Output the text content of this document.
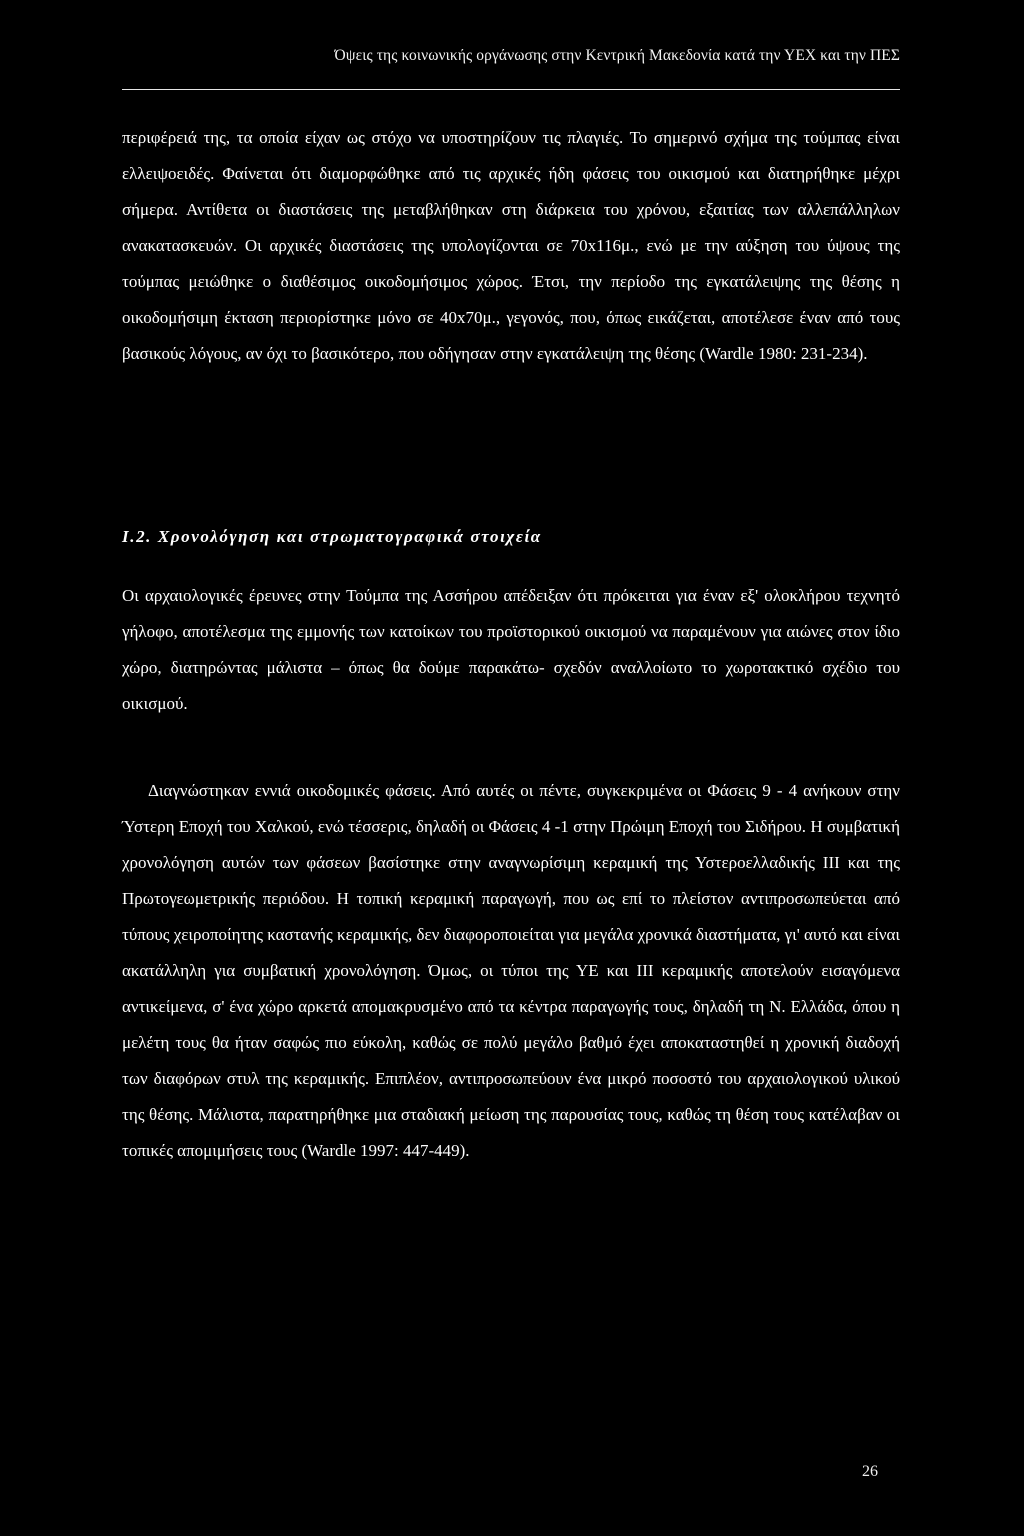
Όψεις της κοινωνικής οργάνωσης στην Κεντρική Μακεδονία κατά την ΥΕΧ και την ΠΕΣ

περιφέρειά της, τα οποία είχαν ως στόχο να υποστηρίζουν τις πλαγιές. Το σημερινό σχήμα της τούμπας είναι ελλειψοειδές. Φαίνεται ότι διαμορφώθηκε από τις αρχικές ήδη φάσεις του οικισμού και διατηρήθηκε μέχρι σήμερα. Αντίθετα οι διαστάσεις της μεταβλήθηκαν στη διάρκεια του χρόνου, εξαιτίας των αλλεπάλληλων ανακατασκευών. Οι αρχικές διαστάσεις της υπολογίζονται σε 70x116μ., ενώ με την αύξηση του ύψους της τούμπας μειώθηκε ο διαθέσιμος οικοδομήσιμος χώρος. Έτσι, την περίοδο της εγκατάλειψης της θέσης η οικοδομήσιμη έκταση περιορίστηκε μόνο σε 40x70μ., γεγονός, που, όπως εικάζεται, αποτέλεσε έναν από τους βασικούς λόγους, αν όχι το βασικότερο, που οδήγησαν στην εγκατάλειψη της θέσης (Wardle 1980: 231-234).

Ι.2. Χρονολόγηση και στρωματογραφικά στοιχεία

Οι αρχαιολογικές έρευνες στην Τούμπα της Ασσήρου απέδειξαν ότι πρόκειται για έναν εξ' ολοκλήρου τεχνητό γήλοφο, αποτέλεσμα της εμμονής των κατοίκων του προϊστορικού οικισμού να παραμένουν για αιώνες στον ίδιο χώρο, διατηρώντας μάλιστα – όπως θα δούμε παρακάτω- σχεδόν αναλλοίωτο το χωροτακτικό σχέδιο του οικισμού.

Διαγνώστηκαν εννιά οικοδομικές φάσεις. Από αυτές οι πέντε, συγκεκριμένα οι Φάσεις 9 - 4 ανήκουν στην Ύστερη Εποχή του Χαλκού, ενώ τέσσερις, δηλαδή οι Φάσεις 4 -1 στην Πρώιμη Εποχή του Σιδήρου. Η συμβατική χρονολόγηση αυτών των φάσεων βασίστηκε στην αναγνωρίσιμη κεραμική της Υστεροελλαδικής ΙΙΙ και της Πρωτογεωμετρικής περιόδου. Η τοπική κεραμική παραγωγή, που ως επί το πλείστον αντιπροσωπεύεται από τύπους χειροποίητης καστανής κεραμικής, δεν διαφοροποιείται για μεγάλα χρονικά διαστήματα, γι' αυτό και είναι ακατάλληλη για συμβατική χρονολόγηση. Όμως, οι τύποι της ΥΕ και ΙΙΙ κεραμικής αποτελούν εισαγόμενα αντικείμενα, σ' ένα χώρο αρκετά απομακρυσμένο από τα κέντρα παραγωγής τους, δηλαδή τη Ν. Ελλάδα, όπου η μελέτη τους θα ήταν σαφώς πιο εύκολη, καθώς σε πολύ μεγάλο βαθμό έχει αποκαταστηθεί η χρονική διαδοχή των διαφόρων στυλ της κεραμικής. Επιπλέον, αντιπροσωπεύουν ένα μικρό ποσοστό του αρχαιολογικού υλικού της θέσης. Μάλιστα, παρατηρήθηκε μια σταδιακή μείωση της παρουσίας τους, καθώς τη θέση τους κατέλαβαν οι τοπικές απομιμήσεις τους (Wardle 1997: 447-449).

26
